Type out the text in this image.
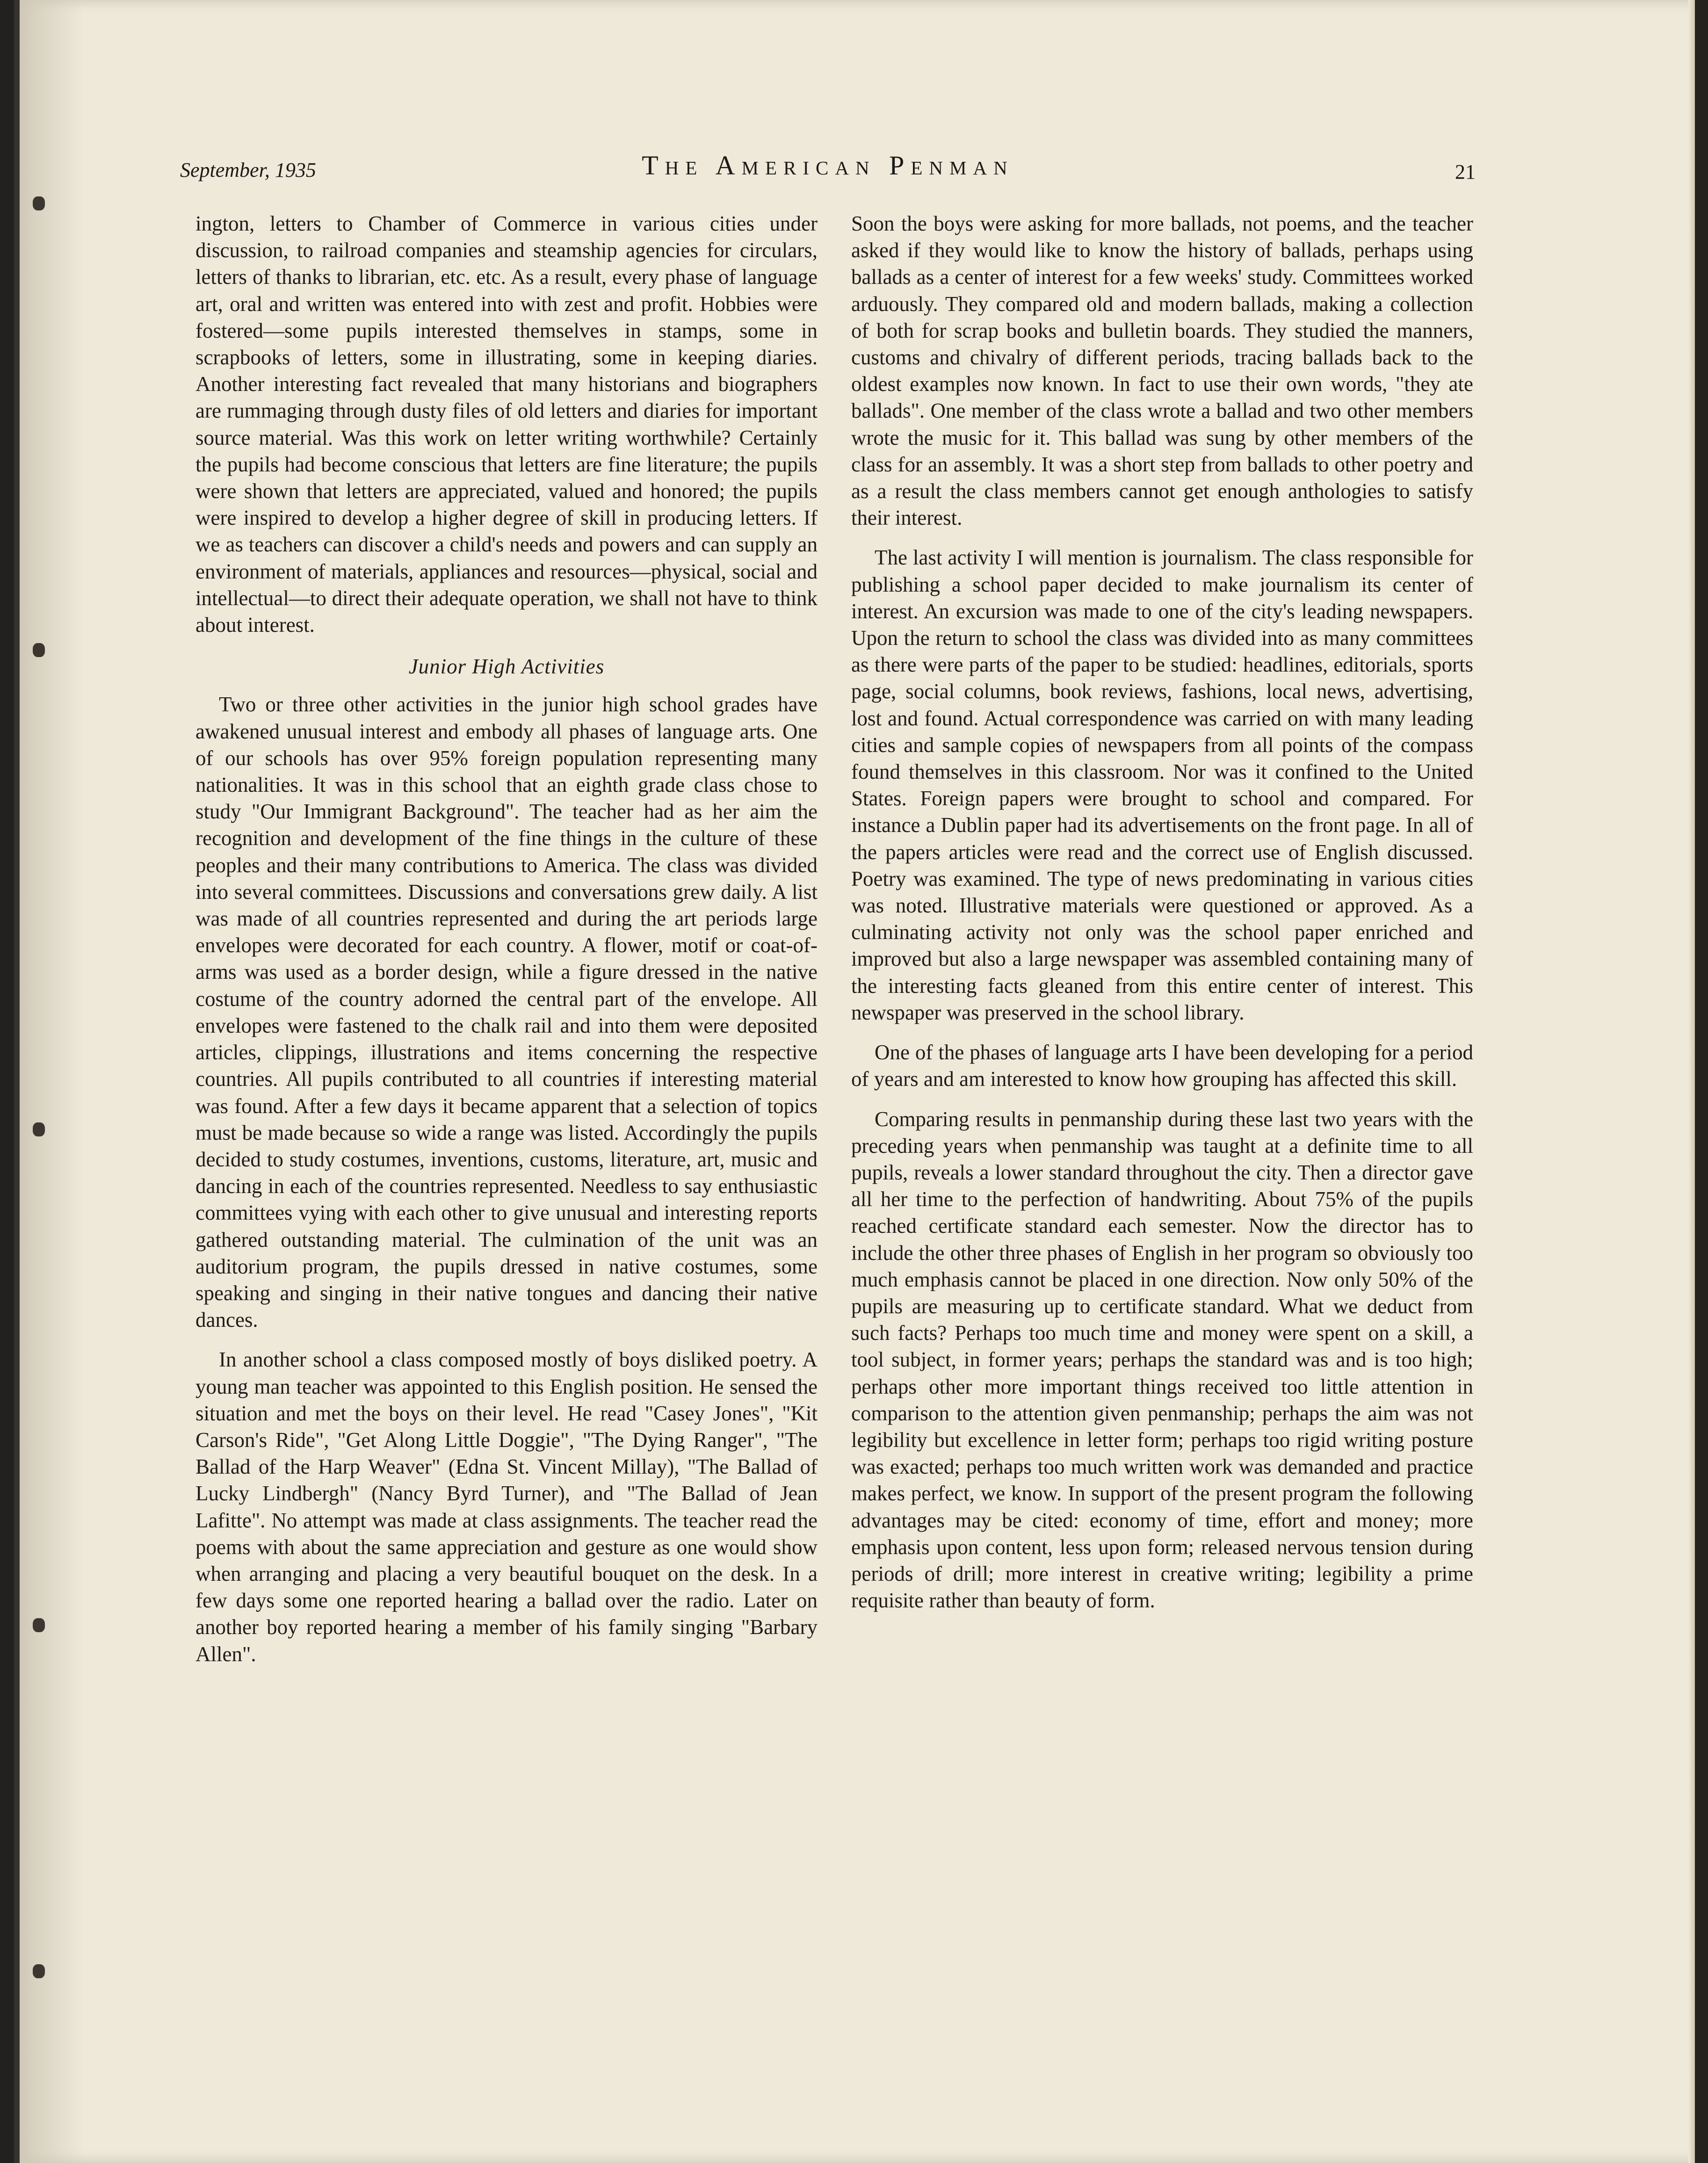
September, 1935	The American Penman	21

ington, letters to Chamber of Commerce in various cities under discussion, to railroad companies and steamship agencies for circulars, letters of thanks to librarian, etc. etc. As a result, every phase of language art, oral and written was entered into with zest and profit. Hobbies were fostered—some pupils interested themselves in stamps, some in scrapbooks of letters, some in illustrating, some in keeping diaries. Another interesting fact revealed that many historians and biographers are rummaging through dusty files of old letters and diaries for important source material. Was this work on letter writing worthwhile? Certainly the pupils had become conscious that letters are fine literature; the pupils were shown that letters are appreciated, valued and honored; the pupils were inspired to develop a higher degree of skill in producing letters. If we as teachers can discover a child's needs and powers and can supply an environment of materials, appliances and resources—physical, social and intellectual—to direct their adequate operation, we shall not have to think about interest.

Junior High Activities

Two or three other activities in the junior high school grades have awakened unusual interest and embody all phases of language arts. One of our schools has over 95% foreign population representing many nationalities. It was in this school that an eighth grade class chose to study "Our Immigrant Background". The teacher had as her aim the recognition and development of the fine things in the culture of these peoples and their many contributions to America. The class was divided into several committees. Discussions and conversations grew daily. A list was made of all countries represented and during the art periods large envelopes were decorated for each country. A flower, motif or coat-of-arms was used as a border design, while a figure dressed in the native costume of the country adorned the central part of the envelope. All envelopes were fastened to the chalk rail and into them were deposited articles, clippings, illustrations and items concerning the respective countries. All pupils contributed to all countries if interesting material was found. After a few days it became apparent that a selection of topics must be made because so wide a range was listed. Accordingly the pupils decided to study costumes, inventions, customs, literature, art, music and dancing in each of the countries represented. Needless to say enthusiastic committees vying with each other to give unusual and interesting reports gathered outstanding material. The culmination of the unit was an auditorium program, the pupils dressed in native costumes, some speaking and singing in their native tongues and dancing their native dances.

In another school a class composed mostly of boys disliked poetry. A young man teacher was appointed to this English position. He sensed the situation and met the boys on their level. He read "Casey Jones", "Kit Carson's Ride", "Get Along Little Doggie", "The Dying Ranger", "The Ballad of the Harp Weaver" (Edna St. Vincent Millay), "The Ballad of Lucky Lindbergh" (Nancy Byrd Turner), and "The Ballad of Jean Lafitte". No attempt was made at class assignments. The teacher read the poems with about the same appreciation and gesture as one would show when arranging and placing a very beautiful bouquet on the desk. In a few days some one reported hearing a ballad over the radio. Later on another boy reported hearing a member of his family singing "Barbary Allen".

Soon the boys were asking for more ballads, not poems, and the teacher asked if they would like to know the history of ballads, perhaps using ballads as a center of interest for a few weeks' study. Committees worked arduously. They compared old and modern ballads, making a collection of both for scrap books and bulletin boards. They studied the manners, customs and chivalry of different periods, tracing ballads back to the oldest examples now known. In fact to use their own words, "they ate ballads". One member of the class wrote a ballad and two other members wrote the music for it. This ballad was sung by other members of the class for an assembly. It was a short step from ballads to other poetry and as a result the class members cannot get enough anthologies to satisfy their interest.

The last activity I will mention is journalism. The class responsible for publishing a school paper decided to make journalism its center of interest. An excursion was made to one of the city's leading newspapers. Upon the return to school the class was divided into as many committees as there were parts of the paper to be studied: headlines, editorials, sports page, social columns, book reviews, fashions, local news, advertising, lost and found. Actual correspondence was carried on with many leading cities and sample copies of newspapers from all points of the compass found themselves in this classroom. Nor was it confined to the United States. Foreign papers were brought to school and compared. For instance a Dublin paper had its advertisements on the front page. In all of the papers articles were read and the correct use of English discussed. Poetry was examined. The type of news predominating in various cities was noted. Illustrative materials were questioned or approved. As a culminating activity not only was the school paper enriched and improved but also a large newspaper was assembled containing many of the interesting facts gleaned from this entire center of interest. This newspaper was preserved in the school library.

One of the phases of language arts I have been developing for a period of years and am interested to know how grouping has affected this skill.

Comparing results in penmanship during these last two years with the preceding years when penmanship was taught at a definite time to all pupils, reveals a lower standard throughout the city. Then a director gave all her time to the perfection of handwriting. About 75% of the pupils reached certificate standard each semester. Now the director has to include the other three phases of English in her program so obviously too much emphasis cannot be placed in one direction. Now only 50% of the pupils are measuring up to certificate standard. What we deduct from such facts? Perhaps too much time and money were spent on a skill, a tool subject, in former years; perhaps the standard was and is too high; perhaps other more important things received too little attention in comparison to the attention given penmanship; perhaps the aim was not legibility but excellence in letter form; perhaps too rigid writing posture was exacted; perhaps too much written work was demanded and practice makes perfect, we know. In support of the present program the following advantages may be cited: economy of time, effort and money; more emphasis upon content, less upon form; released nervous tension during periods of drill; more interest in creative writing; legibility a prime requisite rather than beauty of form.
